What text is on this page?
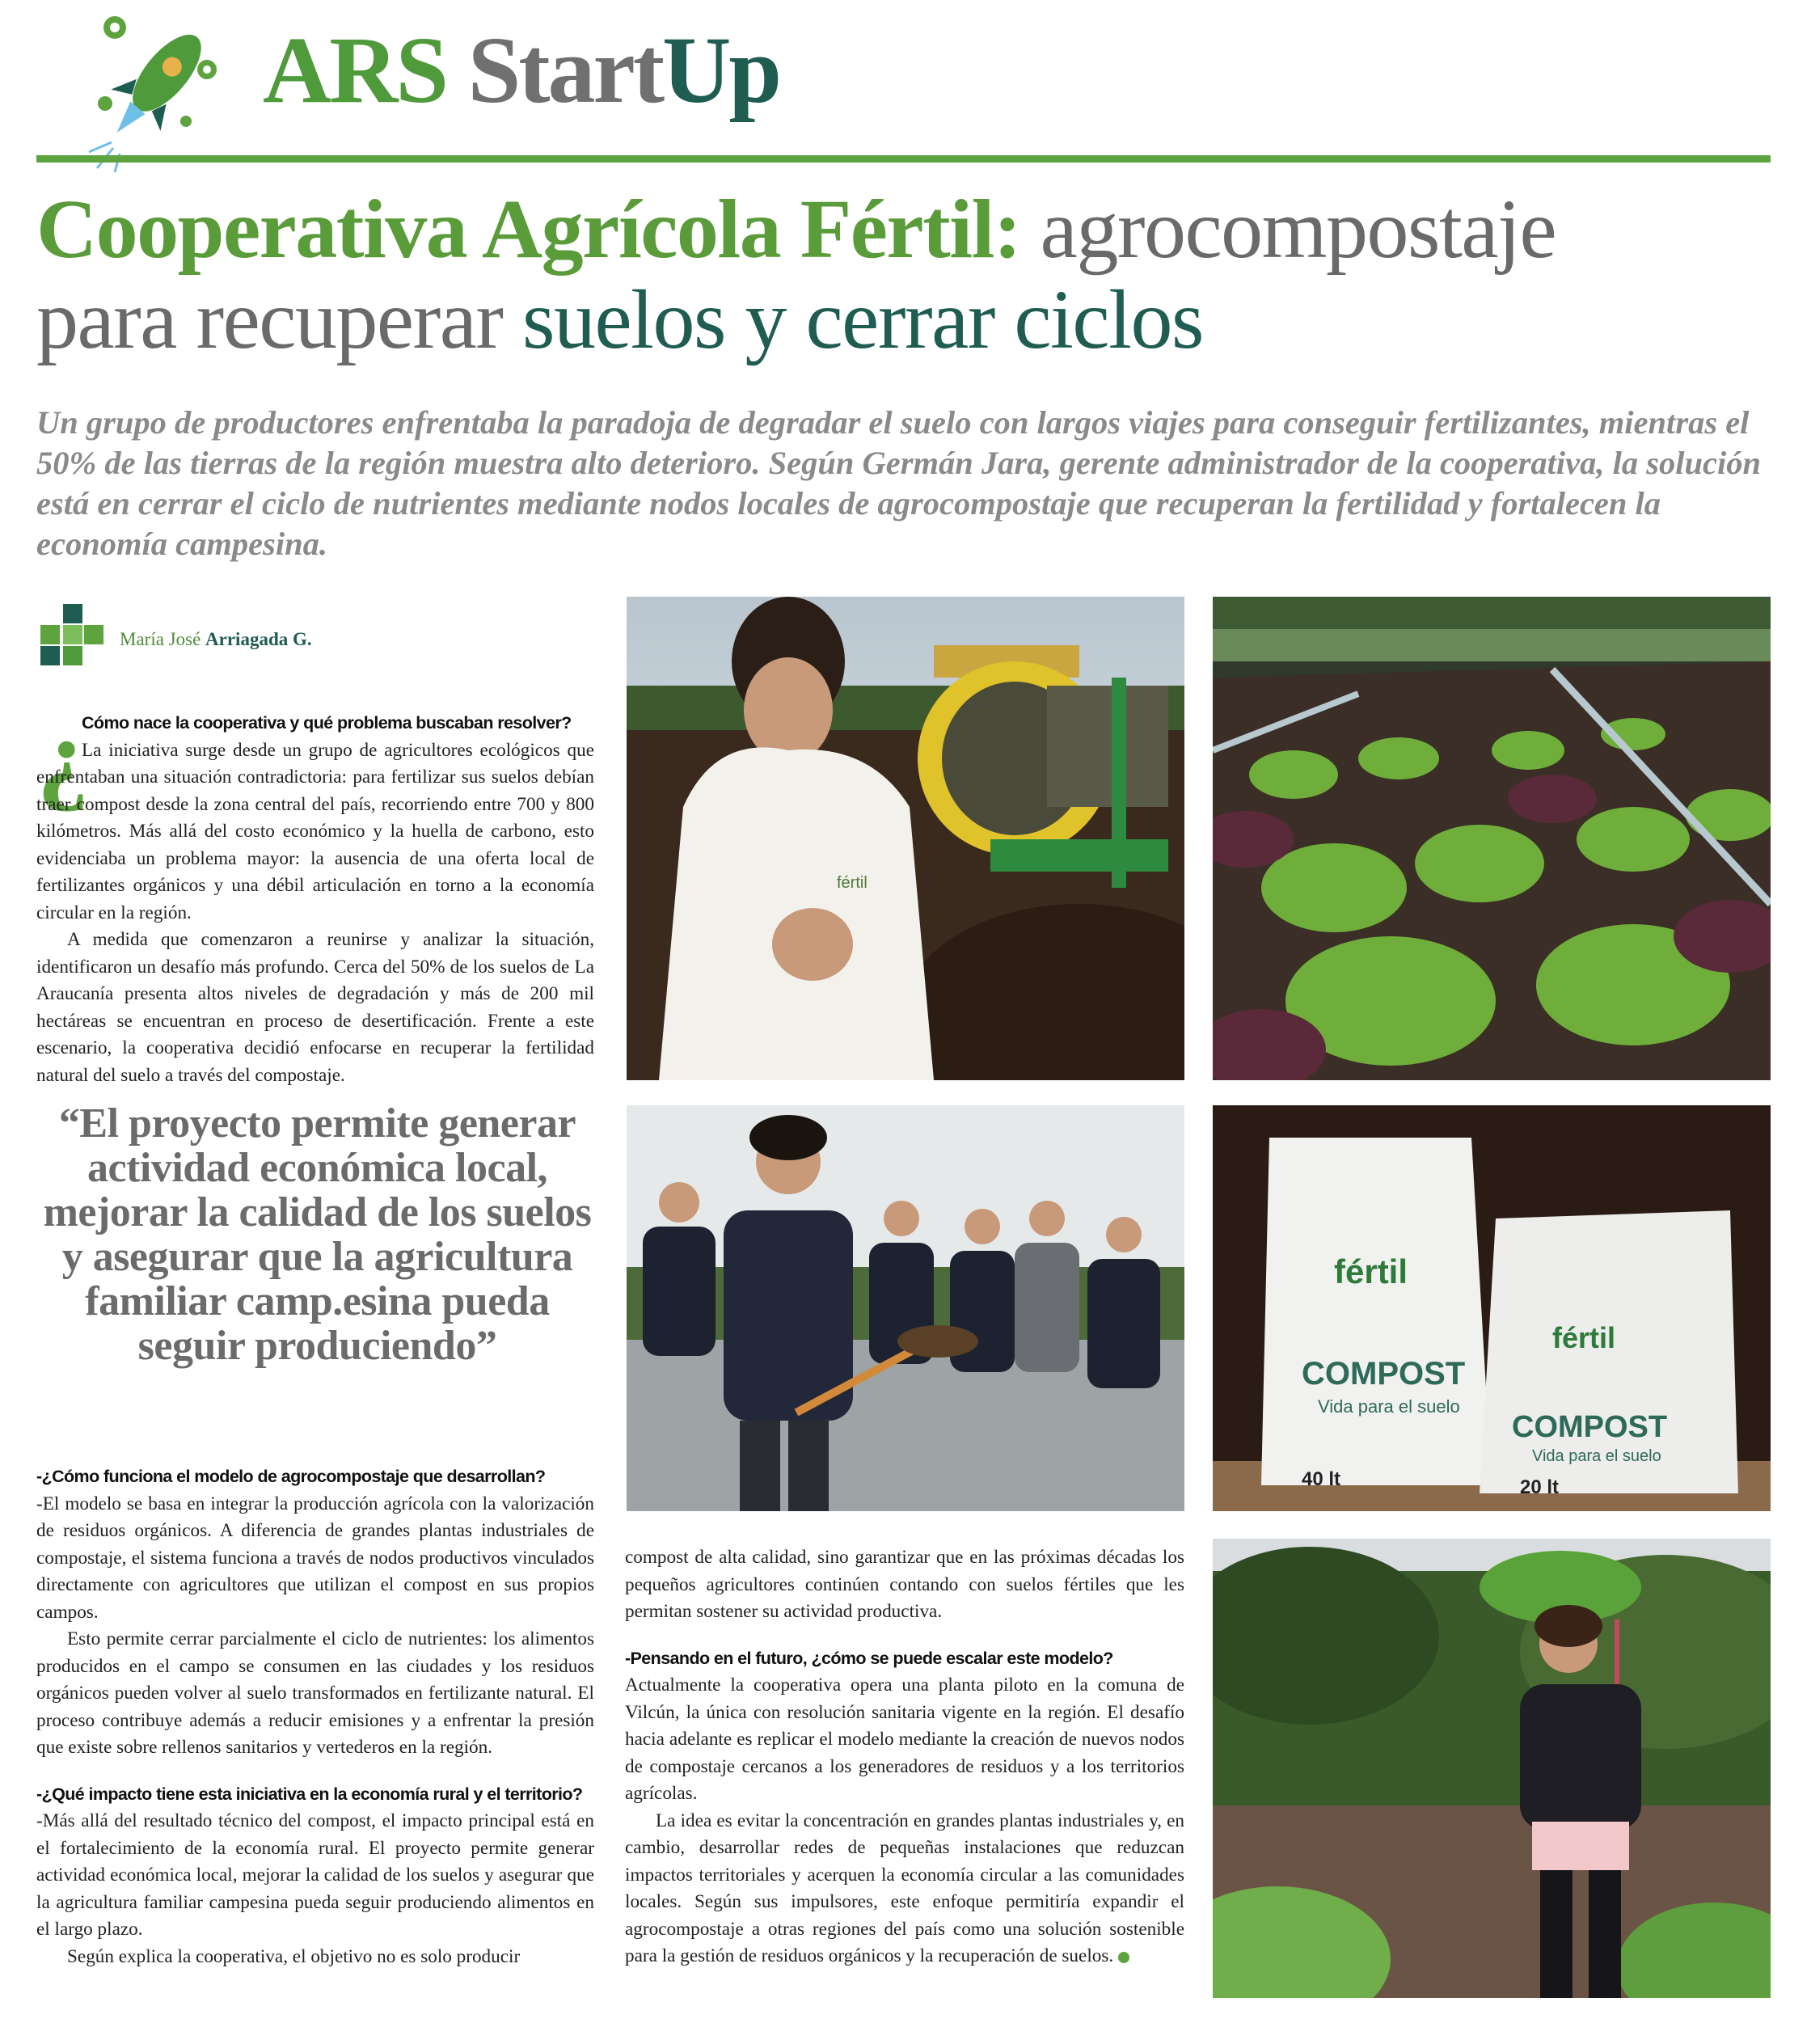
ARS StartUp
Cooperativa Agrícola Fértil: agrocompostaje
para recuperar suelos y cerrar ciclos
Un grupo de productores enfrentaba la paradoja de degradar el suelo con largos viajes para conseguir fertilizantes, mientras el 50% de las tierras de la región muestra alto deterioro. Según Germán Jara, gerente administrador de la cooperativa, la solución está en cerrar el ciclo de nutrientes mediante nodos locales de agrocompostaje que recuperan la fertilidad y fortalecen la economía campesina.
María José Arriagada G.
¿

Cómo nace la cooperativa y qué problema buscaban resolver?

La iniciativa surge desde un grupo de agricultores ecológicos que enfrentaban una situación contradictoria: para fertilizar sus suelos debían traer compost desde la zona central del país, recorriendo entre 700 y 800 kilómetros. Más allá del costo económico y la huella de carbono, esto evidenciaba un problema mayor: la ausencia de una oferta local de fertilizantes orgánicos y una débil articulación en torno a la economía circular en la región.

A medida que comenzaron a reunirse y analizar la situación, identificaron un desafío más profundo. Cerca del 50% de los suelos de La Araucanía presenta altos niveles de degradación y más de 200 mil hectáreas se encuentran en proceso de desertificación. Frente a este escenario, la cooperativa decidió enfocarse en recuperar la fertilidad natural del suelo a través del compostaje.

“El proyecto permite generar actividad económica local, mejorar la calidad de los suelos y asegurar que la agricultura familiar camp.esina pueda seguir produciendo”

-¿Cómo funciona el modelo de agrocompostaje que desarrollan?

-El modelo se basa en integrar la producción agrícola con la valorización de residuos orgánicos. A diferencia de grandes plantas industriales de compostaje, el sistema funciona a través de nodos productivos vinculados directamente con agricultores que utilizan el compost en sus propios campos.

Esto permite cerrar parcialmente el ciclo de nutrientes: los alimentos producidos en el campo se consumen en las ciudades y los residuos orgánicos pueden volver al suelo transformados en fertilizante natural. El proceso contribuye además a reducir emisiones y a enfrentar la presión que existe sobre rellenos sanitarios y vertederos en la región.

-¿Qué impacto tiene esta iniciativa en la economía rural y el territorio?

-Más allá del resultado técnico del compost, el impacto principal está en el fortalecimiento de la economía rural. El proyecto permite generar actividad económica local, mejorar la calidad de los suelos y asegurar que la agricultura familiar campesina pueda seguir produciendo alimentos en el largo plazo.

Según explica la cooperativa, el objetivo no es solo producir

compost de alta calidad, sino garantizar que en las próximas décadas los pequeños agricultores continúen contando con suelos fértiles que les permitan sostener su actividad productiva.

-Pensando en el futuro, ¿cómo se puede escalar este modelo?

Actualmente la cooperativa opera una planta piloto en la comuna de Vilcún, la única con resolución sanitaria vigente en la región. El desafío hacia adelante es replicar el modelo mediante la creación de nuevos nodos de compostaje cercanos a los generadores de residuos y a los territorios agrícolas.

La idea es evitar la concentración en grandes plantas industriales y, en cambio, desarrollar redes de pequeñas instalaciones que reduzcan impactos territoriales y acerquen la economía circular a las comunidades locales. Según sus impulsores, este enfoque permitiría expandir el agrocompostaje a otras regiones del país como una solución sostenible para la gestión de residuos orgánicos y la recuperación de suelos.

fértil
fértil
COMPOST
fértil
COMPOST
40 lt	20 lt
Vida para el suelo
Vida para el suelo
